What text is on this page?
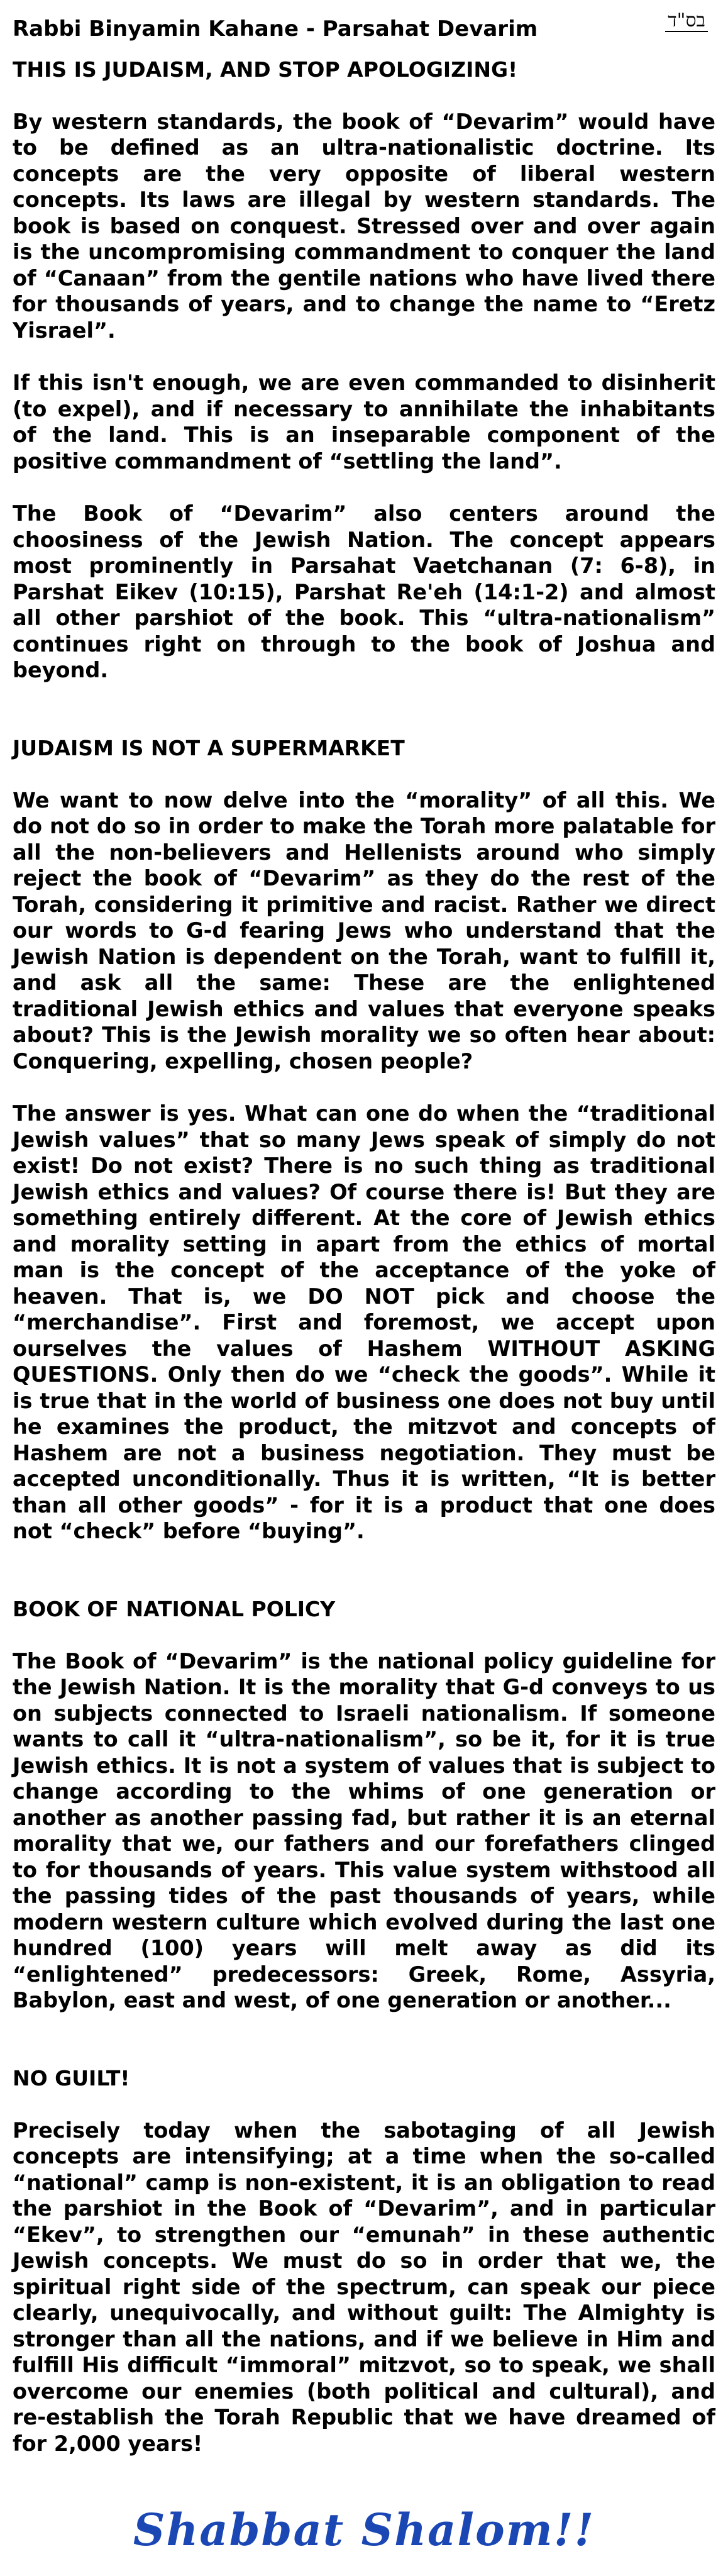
Rabbi Binyamin Kahane - Parsahat Devarim	בס"ד
THIS IS JUDAISM, AND STOP APOLOGIZING!

By western standards, the book of “Devarim” would have to be defined as an ultra-nationalistic doctrine. Its concepts are the very opposite of liberal western concepts. Its laws are illegal by western standards. The book is based on conquest. Stressed over and over again is the uncompromising commandment to conquer the land of “Canaan” from the gentile nations who have lived there for thousands of years, and to change the name to “Eretz Yisrael”.

If this isn't enough, we are even commanded to disinherit (to expel), and if necessary to annihilate the inhabitants of the land. This is an inseparable component of the positive commandment of “settling the land”.

The Book of “Devarim” also centers around the choosiness of the Jewish Nation. The concept appears most prominently in Parsahat Vaetchanan (7: 6-8), in Parshat Eikev (10:15), Parshat Re'eh (14:1-2) and almost all other parshiot of the book. This “ultra-nationalism” continues right on through to the book of Joshua and beyond.

JUDAISM IS NOT A SUPERMARKET

We want to now delve into the “morality” of all this. We do not do so in order to make the Torah more palatable for all the non-believers and Hellenists around who simply reject the book of “Devarim” as they do the rest of the Torah, considering it primitive and racist. Rather we direct our words to G-d fearing Jews who understand that the Jewish Nation is dependent on the Torah, want to fulfill it, and ask all the same: These are the enlightened traditional Jewish ethics and values that everyone speaks about? This is the Jewish morality we so often hear about: Conquering, expelling, chosen people?

The answer is yes. What can one do when the “traditional Jewish values” that so many Jews speak of simply do not exist! Do not exist? There is no such thing as traditional Jewish ethics and values? Of course there is! But they are something entirely different. At the core of Jewish ethics and morality setting in apart from the ethics of mortal man is the concept of the acceptance of the yoke of heaven. That is, we DO NOT pick and choose the “merchandise”. First and foremost, we accept upon ourselves the values of Hashem WITHOUT ASKING QUESTIONS. Only then do we “check the goods”. While it is true that in the world of business one does not buy until he examines the product, the mitzvot and concepts of Hashem are not a business negotiation. They must be accepted unconditionally. Thus it is written, “It is better than all other goods” - for it is a product that one does not “check” before “buying”.

BOOK OF NATIONAL POLICY

The Book of “Devarim” is the national policy guideline for the Jewish Nation. It is the morality that G-d conveys to us on subjects connected to Israeli nationalism. If someone wants to call it “ultra-nationalism”, so be it, for it is true Jewish ethics. It is not a system of values that is subject to change according to the whims of one generation or another as another passing fad, but rather it is an eternal morality that we, our fathers and our forefathers clinged to for thousands of years. This value system withstood all the passing tides of the past thousands of years, while modern western culture which evolved during the last one hundred (100) years will melt away as did its “enlightened” predecessors: Greek, Rome, Assyria, Babylon, east and west, of one generation or another...

NO GUILT!

Precisely today when the sabotaging of all Jewish concepts are intensifying; at a time when the so-called “national” camp is non-existent, it is an obligation to read the parshiot in the Book of “Devarim”, and in particular “Ekev”, to strengthen our “emunah” in these authentic Jewish concepts. We must do so in order that we, the spiritual right side of the spectrum, can speak our piece clearly, unequivocally, and without guilt: The Almighty is stronger than all the nations, and if we believe in Him and fulfill His difficult “immoral” mitzvot, so to speak, we shall overcome our enemies (both political and cultural), and re-establish the Torah Republic that we have dreamed of for 2,000 years!

Shabbat Shalom!!
